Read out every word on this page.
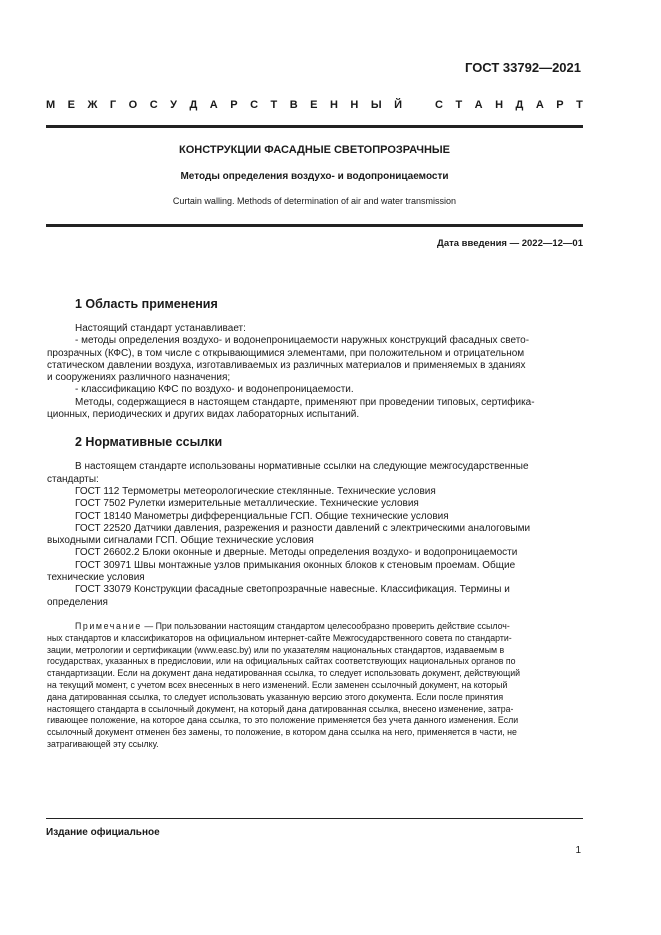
ГОСТ 33792—2021
М Е Ж Г О С У Д А Р С Т В Е Н Н Ы Й	С Т А Н Д А Р Т
КОНСТРУКЦИИ ФАСАДНЫЕ СВЕТОПРОЗРАЧНЫЕ
Методы определения воздухо- и водопроницаемости
Curtain walling. Methods of determination of air and water transmission
Дата введения — 2022—12—01
1 Область применения
Настоящий стандарт устанавливает:
- методы определения воздухо- и водонепроницаемости наружных конструкций фасадных свето-
прозрачных (КФС), в том числе с открывающимися элементами, при положительном и отрицательном
статическом давлении воздуха, изготавливаемых из различных материалов и применяемых в зданиях
и сооружениях различного назначения;
- классификацию КФС по воздухо- и водонепроницаемости.
Методы, содержащиеся в настоящем стандарте, применяют при проведении типовых, сертифика-
ционных, периодических и других видах лабораторных испытаний.
2 Нормативные ссылки
В настоящем стандарте использованы нормативные ссылки на следующие межгосударственные
стандарты:
ГОСТ 112 Термометры метеорологические стеклянные. Технические условия
ГОСТ 7502 Рулетки измерительные металлические. Технические условия
ГОСТ 18140 Манометры дифференциальные ГСП. Общие технические условия
ГОСТ 22520 Датчики давления, разрежения и разности давлений с электрическими аналоговыми
выходными сигналами ГСП. Общие технические условия
ГОСТ 26602.2 Блоки оконные и дверные. Методы определения воздухо- и водопроницаемости
ГОСТ 30971 Швы монтажные узлов примыкания оконных блоков к стеновым проемам. Общие
технические условия
ГОСТ 33079 Конструкции фасадные светопрозрачные навесные. Классификация. Термины и
определения
Примечание — При пользовании настоящим стандартом целесообразно проверить действие ссылоч-
ных стандартов и классификаторов на официальном интернет-сайте Межгосударственного совета по стандарти-
зации, метрологии и сертификации (www.easc.by) или по указателям национальных стандартов, издаваемым в
государствах, указанных в предисловии, или на официальных сайтах соответствующих национальных органов по
стандартизации. Если на документ дана недатированная ссылка, то следует использовать документ, действующий
на текущий момент, с учетом всех внесенных в него изменений. Если заменен ссылочный документ, на который
дана датированная ссылка, то следует использовать указанную версию этого документа. Если после принятия
настоящего стандарта в ссылочный документ, на который дана датированная ссылка, внесено изменение, затра-
гивающее положение, на которое дана ссылка, то это положение применяется без учета данного изменения. Если
ссылочный документ отменен без замены, то положение, в котором дана ссылка на него, применяется в части, не
затрагивающей эту ссылку.
Издание официальное
1
